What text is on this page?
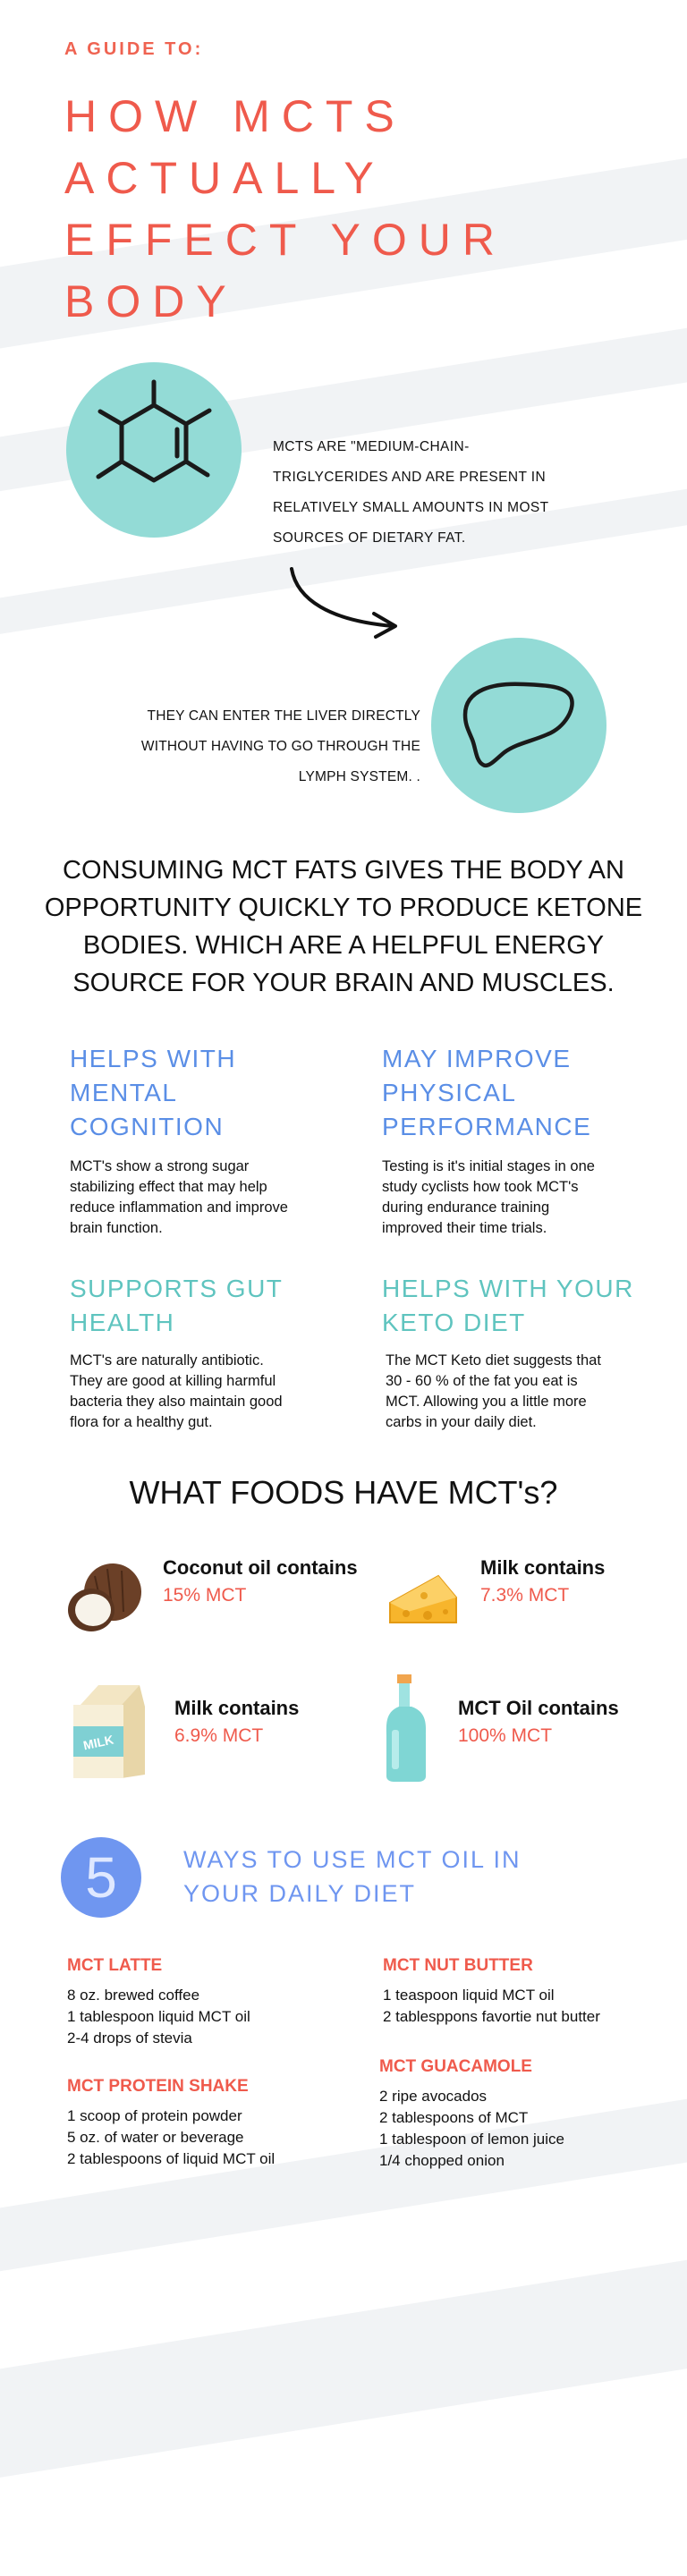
A GUIDE TO:
HOW MCTS
ACTUALLY
EFFECT YOUR
BODY
MCTS ARE "MEDIUM-CHAIN-
TRIGLYCERIDES AND ARE PRESENT IN
RELATIVELY SMALL AMOUNTS IN MOST
SOURCES OF DIETARY FAT.
THEY CAN ENTER THE LIVER DIRECTLY
WITHOUT HAVING TO GO THROUGH THE
LYMPH SYSTEM. .
CONSUMING MCT FATS GIVES THE BODY AN
OPPORTUNITY QUICKLY TO PRODUCE KETONE
BODIES. WHICH ARE A HELPFUL ENERGY
SOURCE FOR YOUR BRAIN AND MUSCLES.
HELPS WITH
MENTAL
COGNITION
MCT's show a strong sugar
stabilizing effect that may help
reduce inflammation and improve
brain function.
MAY IMPROVE
PHYSICAL
PERFORMANCE
Testing is it's initial stages in one
study cyclists how took MCT's
during endurance training
improved their time trials.
SUPPORTS GUT
HEALTH
MCT's are naturally antibiotic.
They are good at killing harmful
bacteria they also maintain good
flora for a healthy gut.
HELPS WITH YOUR
KETO DIET
The MCT Keto diet suggests that
30 - 60 % of the fat you eat is
MCT. Allowing you a little more
carbs in your daily diet.
WHAT FOODS HAVE MCT's?
Coconut oil contains
15% MCT
Milk contains
7.3% MCT
MILK
Milk contains
6.9% MCT
MCT Oil contains
100% MCT
5	WAYS TO USE MCT OIL IN
YOUR DAILY DIET
MCT LATTE
8 oz. brewed coffee
1 tablespoon liquid MCT oil
2-4 drops of stevia
MCT NUT BUTTER
1 teaspoon liquid MCT oil
2 tablesppons favortie nut butter
MCT PROTEIN SHAKE
1 scoop of protein powder
5 oz. of water or beverage
2 tablespoons of liquid MCT oil
MCT GUACAMOLE
2 ripe avocados
2 tablespoons of MCT
1 tablespoon of lemon juice
1/4 chopped onion
